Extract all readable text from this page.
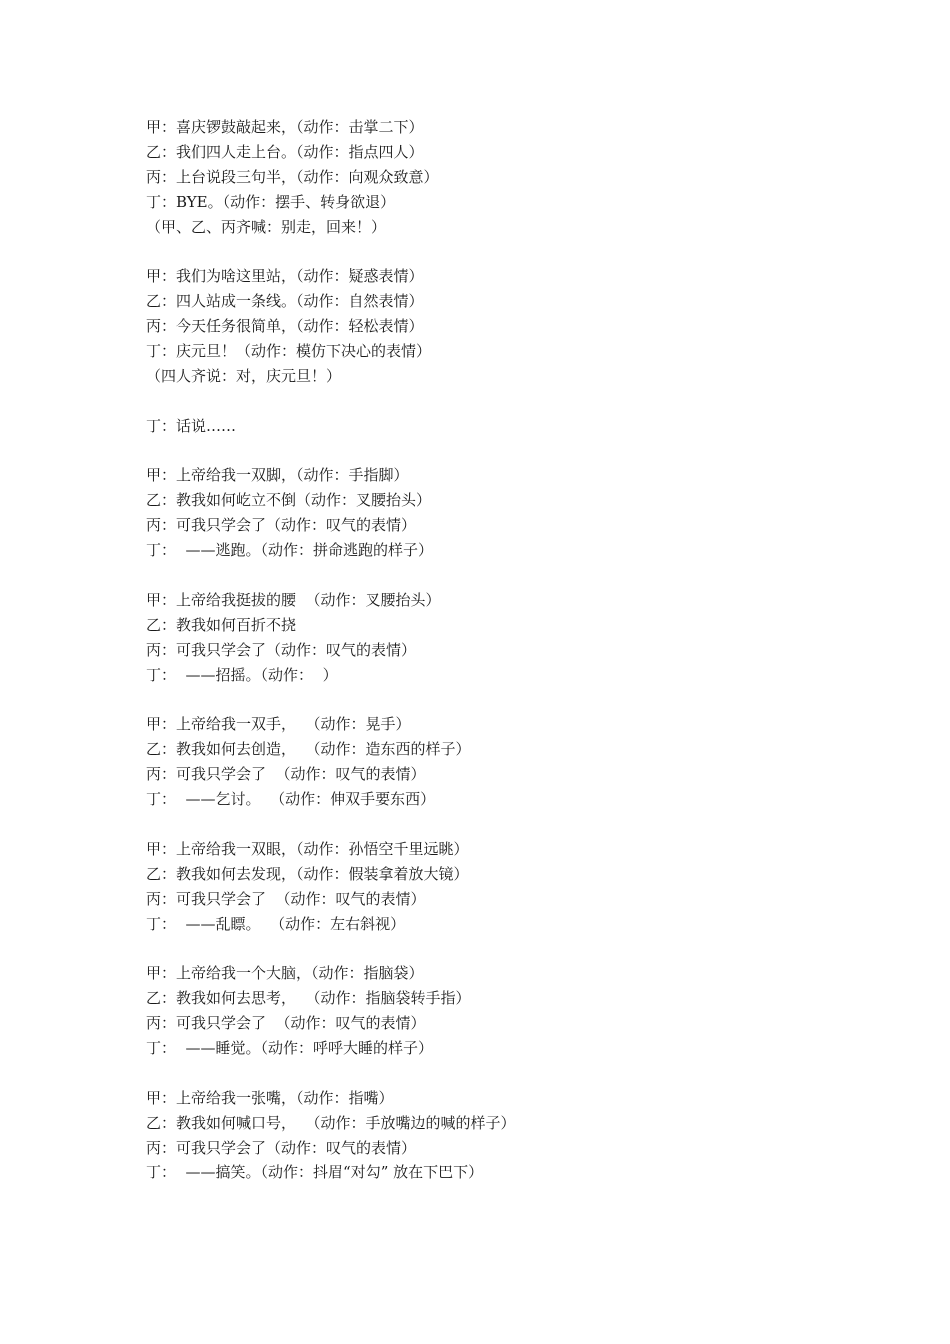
甲：喜庆锣鼓敲起来，（动作：击掌二下）
乙：我们四人走上台。（动作：指点四人）
丙：上台说段三句半，（动作：向观众致意）
丁：BYE。（动作：摆手、转身欲退）
（甲、乙、丙齐喊：别走，回来！）
甲：我们为啥这里站，（动作：疑惑表情）
乙：四人站成一条线。（动作：自然表情）
丙：今天任务很简单，（动作：轻松表情）
丁：庆元旦！（动作：模仿下决心的表情）
（四人齐说：对，庆元旦！）
丁：话说……
甲：上帝给我一双脚，（动作：手指脚）
乙：教我如何屹立不倒（动作：叉腰抬头）
丙：可我只学会了（动作：叹气的表情）
丁：  ——逃跑。（动作：拼命逃跑的样子）
甲：上帝给我挺拔的腰  （动作：叉腰抬头）
乙：教我如何百折不挠
丙：可我只学会了（动作：叹气的表情）
丁：  ——招摇。（动作：  ）
甲：上帝给我一双手，  （动作：晃手）
乙：教我如何去创造，  （动作：造东西的样子）
丙：可我只学会了  （动作：叹气的表情）
丁：  ——乞讨。  （动作：伸双手要东西）
甲：上帝给我一双眼，（动作：孙悟空千里远眺）
乙：教我如何去发现，（动作：假装拿着放大镜）
丙：可我只学会了  （动作：叹气的表情）
丁：  ——乱瞟。  （动作：左右斜视）
甲：上帝给我一个大脑，（动作：指脑袋）
乙：教我如何去思考，  （动作：指脑袋转手指）
丙：可我只学会了  （动作：叹气的表情）
丁：  ——睡觉。（动作：呼呼大睡的样子）
甲：上帝给我一张嘴，（动作：指嘴）
乙：教我如何喊口号，  （动作：手放嘴边的喊的样子）
丙：可我只学会了（动作：叹气的表情）
丁：  ——搞笑。（动作：抖眉“对勾” 放在下巴下）
